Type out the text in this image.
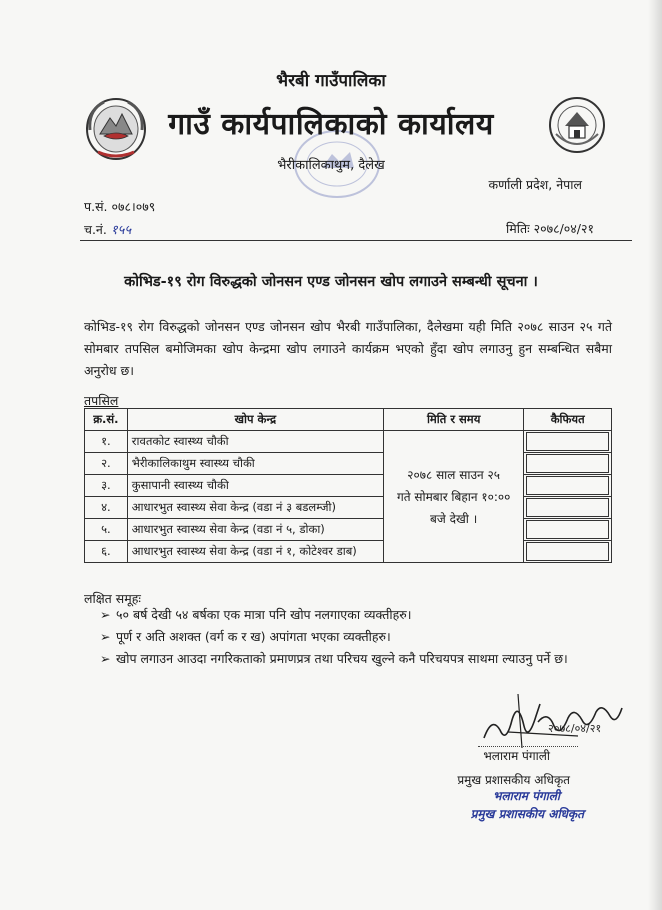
भैरबी गाउँपालिका
गाउँ कार्यपालिकाको कार्यालय
भैरीकालिकाथुम, दैलेख
कर्णाली प्रदेश, नेपाल
प.सं. ०७८।०७९
च.नं. १५५	मितिः २०७८/०४/२१
कोभिड-१९ रोग विरुद्धको जोनसन एण्ड जोनसन खोप लगाउने सम्बन्धी सूचना ।
कोभिड-१९ रोग विरुद्धको जोनसन एण्ड जोनसन खोप भैरबी गाउँपालिका, दैलेखमा यही मिति २०७८ साउन २५ गते सोमबार तपसिल बमोजिमका खोप केन्द्रमा खोप लगाउने कार्यक्रम भएको हुँदा खोप लगाउनु हुन सम्बन्धित सबैमा अनुरोध छ।
तपसिल
क्र.सं.	खोप केन्द्र	मिति र समय	कैफियत
१.	रावतकोट स्वास्थ्य चौकी	२०७८ साल साउन २५
गते सोमबार बिहान १०:००
बजे देखी ।	

२.	भैरीकालिकाथुम स्वास्थ्य चौकी		

३.	कुसापानी स्वास्थ्य चौकी		

४.	आधारभुत स्वास्थ्य सेवा केन्द्र (वडा नं ३ बडलम्जी)		

५.	आधारभुत स्वास्थ्य सेवा केन्द्र (वडा नं ५, डोका)		

६.	आधारभुत स्वास्थ्य सेवा केन्द्र (वडा नं १, कोटेश्वर डाब)		
लक्षित समूहः
➢ ५० बर्ष देखी ५४ बर्षका एक मात्रा पनि खोप नलगाएका व्यक्तीहरु।
➢ पूर्ण र अति अशक्त (वर्ग क र ख) अपांगता भएका व्यक्तीहरु।
➢ खोप लगाउन आउदा नगरिकताको प्रमाणप्रत्र तथा परिचय खुल्ने कनै परिचयपत्र साथमा ल्याउनु पर्ने छ।
२०७८/०४/२१
भलाराम पंगाली
प्रमुख प्रशासकीय अधिकृत
भलाराम पंगाली
प्रमुख प्रशासकीय अधिकृत
